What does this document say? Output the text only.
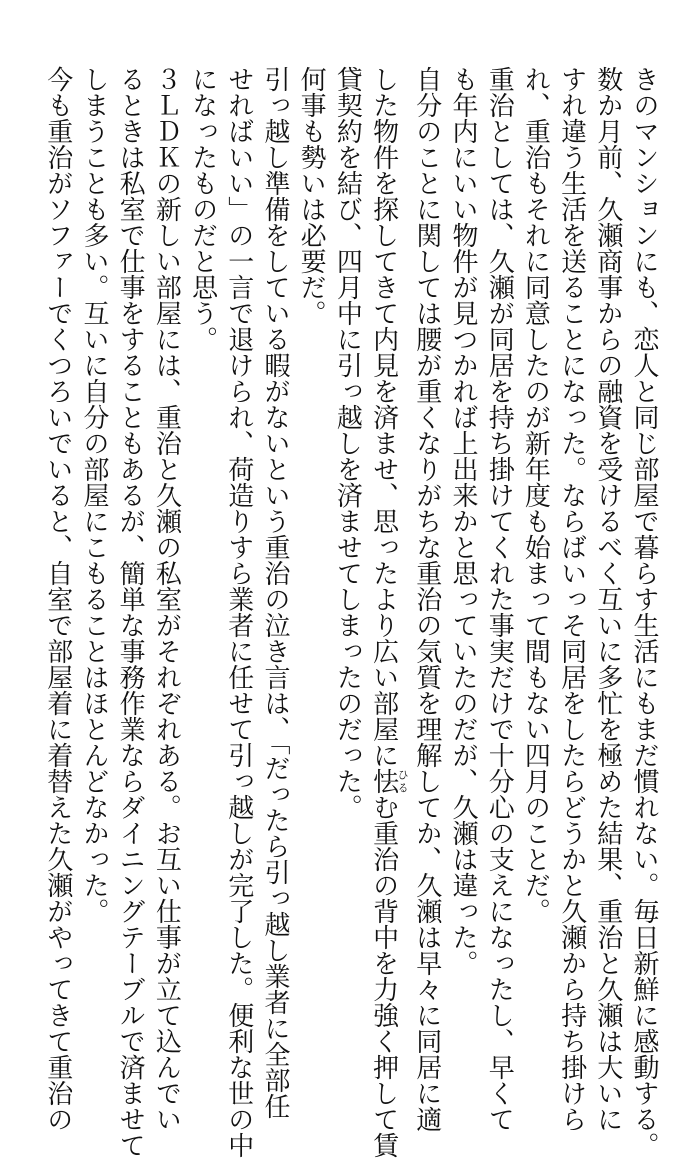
きのマンションにも、恋人と同じ部屋で暮らす生活にもまだ慣れない。毎日新鮮に感動する。
数か月前、久瀬商事からの融資を受けるべく互いに多忙を極めた結果、重治と久瀬は大いに
すれ違う生活を送ることになった。ならばいっそ同居をしたらどうかと久瀬から持ち掛けら
れ、重治もそれに同意したのが新年度も始まって間もない四月のことだ。
重治としては、久瀬が同居を持ち掛けてくれた事実だけで十分心の支えになったし、早くて
も年内にいい物件が見つかれば上出来かと思っていたのだが、久瀬は違った。
自分のことに関しては腰が重くなりがちな重治の気質を理解してか、久瀬は早々に同居に適
した物件を探してきて内見を済ませ、思ったより広い部屋に怯ひるむ重治の背中を力強く押して賃
貸契約を結び、四月中に引っ越しを済ませてしまったのだった。
何事も勢いは必要だ。
引っ越し準備をしている暇がないという重治の泣き言は、「だったら引っ越し業者に全部任
せればいい」の一言で退けられ、荷造りすら業者に任せて引っ越しが完了した。便利な世の中
になったものだと思う。
３ＬＤＫの新しい部屋には、重治と久瀬の私室がそれぞれある。お互い仕事が立て込んでい
るときは私室で仕事をすることもあるが、簡単な事務作業ならダイニングテーブルで済ませて
しまうことも多い。互いに自分の部屋にこもることはほとんどなかった。
今も重治がソファーでくつろいでいると、自室で部屋着に着替えた久瀬がやってきて重治の
